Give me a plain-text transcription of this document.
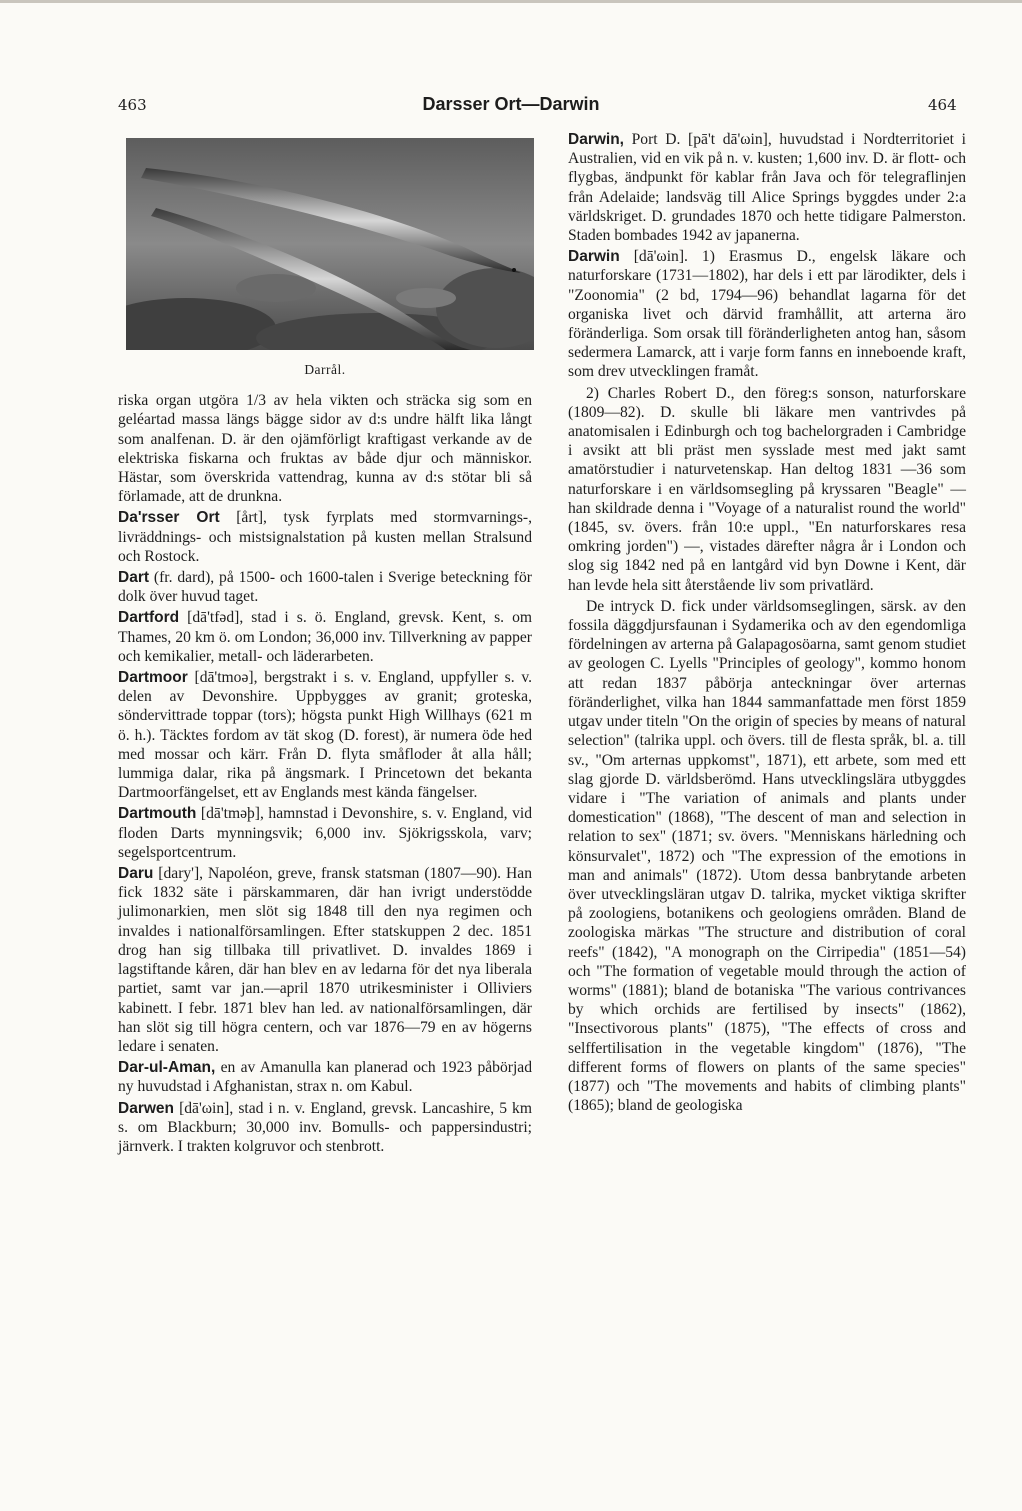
463	Darsser Ort—Darwin	464
Darrål.

riska organ utgöra 1/3 av hela vikten och sträcka sig som en geléartad massa längs bägge sidor av d:s undre hälft lika långt som analfenan. D. är den ojämförligt kraftigast verkande av de elektriska fiskarna och fruktas av både djur och människor. Hästar, som överskrida vattendrag, kunna av d:s stötar bli så förlamade, att de drunkna.

Da'rsser Ort [årt], tysk fyrplats med stormvarnings-, livräddnings- och mistsignalstation på kusten mellan Stralsund och Rostock.

Dart (fr. dard), på 1500- och 1600-talen i Sverige beteckning för dolk över huvud taget.

Dartford [dā'tfəd], stad i s. ö. England, grevsk. Kent, s. om Thames, 20 km ö. om London; 36,000 inv. Tillverkning av papper och kemikalier, metall- och läderarbeten.

Dartmoor [dā'tmoə], bergstrakt i s. v. England, uppfyller s. v. delen av Devonshire. Uppbygges av granit; groteska, söndervittrade toppar (tors); högsta punkt High Willhays (621 m ö. h.). Täcktes fordom av tät skog (D. forest), är numera öde hed med mossar och kärr. Från D. flyta småfloder åt alla håll; lummiga dalar, rika på ängsmark. I Princetown det bekanta Dartmoorfängelset, ett av Englands mest kända fängelser.

Dartmouth [dā'tməþ], hamnstad i Devonshire, s. v. England, vid floden Darts mynningsvik; 6,000 inv. Sjökrigsskola, varv; segelsportcentrum.

Daru [dary'], Napoléon, greve, fransk statsman (1807—90). Han fick 1832 säte i pärskammaren, där han ivrigt understödde julimonarkien, men slöt sig 1848 till den nya regimen och invaldes i nationalförsamlingen. Efter statskuppen 2 dec. 1851 drog han sig tillbaka till privatlivet. D. invaldes 1869 i lagstiftande kåren, där han blev en av ledarna för det nya liberala partiet, samt var jan.—april 1870 utrikesminister i Olliviers kabinett. I febr. 1871 blev han led. av nationalförsamlingen, där han slöt sig till högra centern, och var 1876—79 en av högerns ledare i senaten.

Dar-ul-Aman, en av Amanulla kan planerad och 1923 påbörjad ny huvudstad i Afghanistan, strax n. om Kabul.

Darwen [dā'ωin], stad i n. v. England, grevsk. Lancashire, 5 km s. om Blackburn; 30,000 inv. Bomulls- och pappersindustri; järnverk. I trakten kolgruvor och stenbrott.

Darwin, Port D. [pā't dā'ωin], huvudstad i Nordterritoriet i Australien, vid en vik på n. v. kusten; 1,600 inv. D. är flott- och flygbas, ändpunkt för kablar från Java och för telegraflinjen från Adelaide; landsväg till Alice Springs byggdes under 2:a världskriget. D. grundades 1870 och hette tidigare Palmerston. Staden bombades 1942 av japanerna.

Darwin [dā'ωin]. 1) Erasmus D., engelsk läkare och naturforskare (1731—1802), har dels i ett par lärodikter, dels i "Zoonomia" (2 bd, 1794—96) behandlat lagarna för det organiska livet och därvid framhållit, att arterna äro föränderliga. Som orsak till föränderligheten antog han, såsom sedermera Lamarck, att i varje form fanns en inneboende kraft, som drev utvecklingen framåt.

2) Charles Robert D., den föreg:s sonson, naturforskare (1809—82). D. skulle bli läkare men vantrivdes på anatomisalen i Edinburgh och tog bachelorgraden i Cambridge i avsikt att bli präst men sysslade mest med jakt samt amatörstudier i naturvetenskap. Han deltog 1831 —36 som naturforskare i en världsomsegling på kryssaren "Beagle" — han skildrade denna i "Voyage of a naturalist round the world" (1845, sv. övers. från 10:e uppl., "En naturforskares resa omkring jorden") —, vistades därefter några år i London och slog sig 1842 ned på en lantgård vid byn Downe i Kent, där han levde hela sitt återstående liv som privatlärd.

De intryck D. fick under världsomseglingen, särsk. av den fossila däggdjursfaunan i Sydamerika och av den egendomliga fördelningen av arterna på Galapagosöarna, samt genom studiet av geologen C. Lyells "Principles of geology", kommo honom att redan 1837 påbörja anteckningar över arternas föränderlighet, vilka han 1844 sammanfattade men först 1859 utgav under titeln "On the origin of species by means of natural selection" (talrika uppl. och övers. till de flesta språk, bl. a. till sv., "Om arternas uppkomst", 1871), ett arbete, som med ett slag gjorde D. världsberömd. Hans utvecklingslära utbyggdes vidare i "The variation of animals and plants under domestication" (1868), "The descent of man and selection in relation to sex" (1871; sv. övers. "Menniskans härledning och könsurvalet", 1872) och "The expression of the emotions in man and animals" (1872). Utom dessa banbrytande arbeten över utvecklingsläran utgav D. talrika, mycket viktiga skrifter på zoologiens, botanikens och geologiens områden. Bland de zoologiska märkas "The structure and distribution of coral reefs" (1842), "A monograph on the Cirripedia" (1851—54) och "The formation of vegetable mould through the action of worms" (1881); bland de botaniska "The various contrivances by which orchids are fertilised by insects" (1862), "Insectivorous plants" (1875), "The effects of cross and selffertilisation in the vegetable kingdom" (1876), "The different forms of flowers on plants of the same species" (1877) och "The movements and habits of climbing plants" (1865); bland de geologiska
